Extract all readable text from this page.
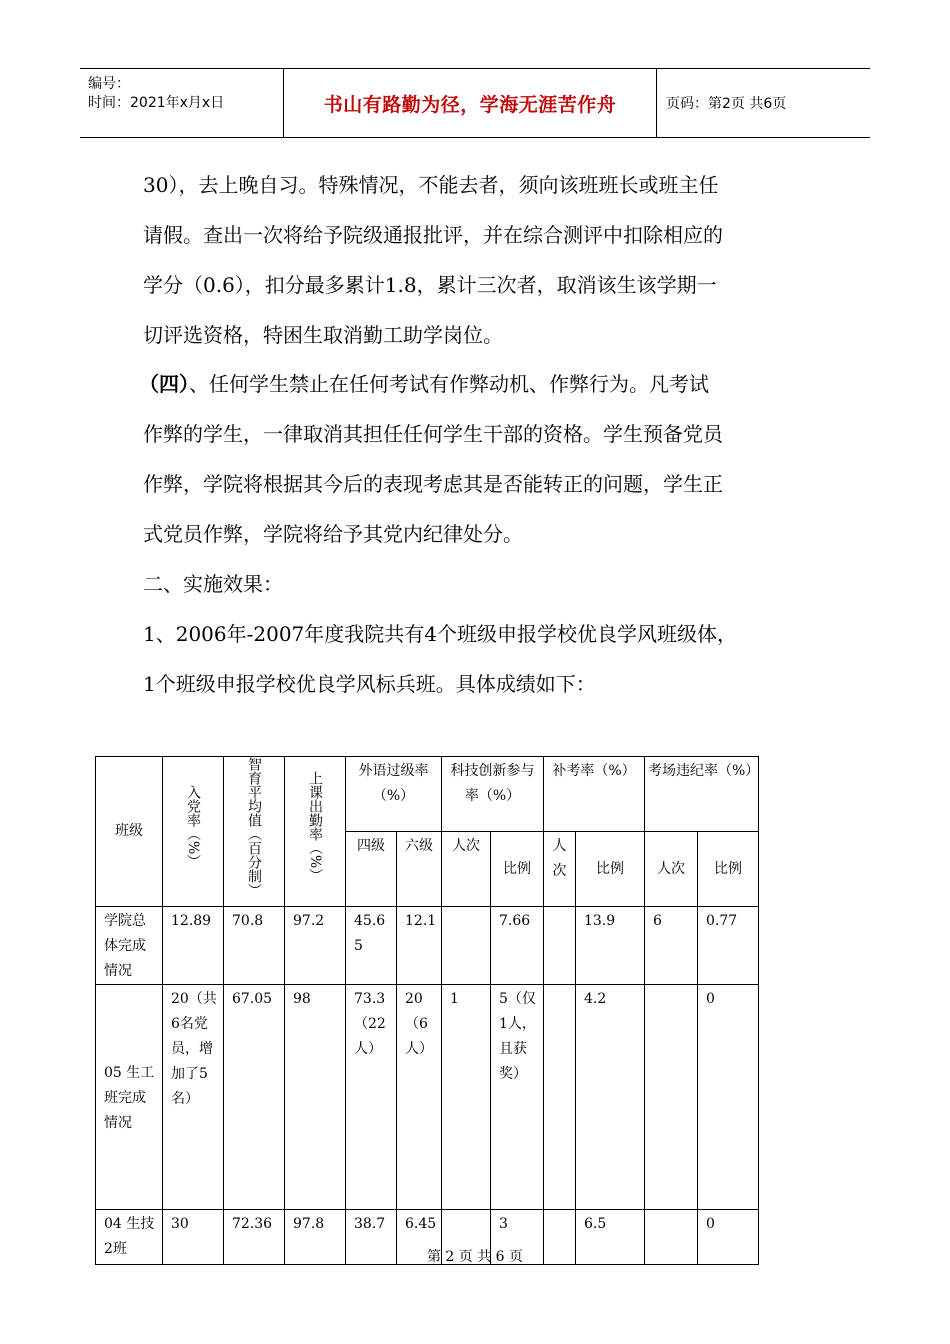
编号：
时间：2021年x月x日	书山有路勤为径，学海无涯苦作舟	页码：第2页 共6页
30），去上晚自习。特殊情况，不能去者，须向该班班长或班主任
请假。查出一次将给予院级通报批评，并在综合测评中扣除相应的
学分（0.6），扣分最多累计1.8，累计三次者，取消该生该学期一
切评选资格，特困生取消勤工助学岗位。
（四）、任何学生禁止在任何考试有作弊动机、作弊行为。凡考试
作弊的学生，一律取消其担任任何学生干部的资格。学生预备党员
作弊，学院将根据其今后的表现考虑其是否能转正的问题，学生正
式党员作弊，学院将给予其党内纪律处分。
二、实施效果：
1、2006年-2007年度我院共有4个班级申报学校优良学风班级体，
1个班级申报学校优良学风标兵班。具体成绩如下：
班级	入党率（%）	智育平均值（百分制）	上课出勤率（%）	外语过级率（%）		科技创新参与率（%）		补考率（%）		考场违纪率（%）	
				四级	六级	人次	比例	人次	比例	人次	比例
学院总体完成情况	12.89	70.8	97.2	45.65	12.1		7.66		13.9	6	0.77
05 生工班完成情况	20（共6名党员，增加了5名）	67.05	98	73.3（22人）	20（6人）	1	5（仅1人，且获奖）		4.2		0
04 生技2班	30	72.36	97.8	38.7	6.45		3		6.5		0
第 2 页 共 6 页
